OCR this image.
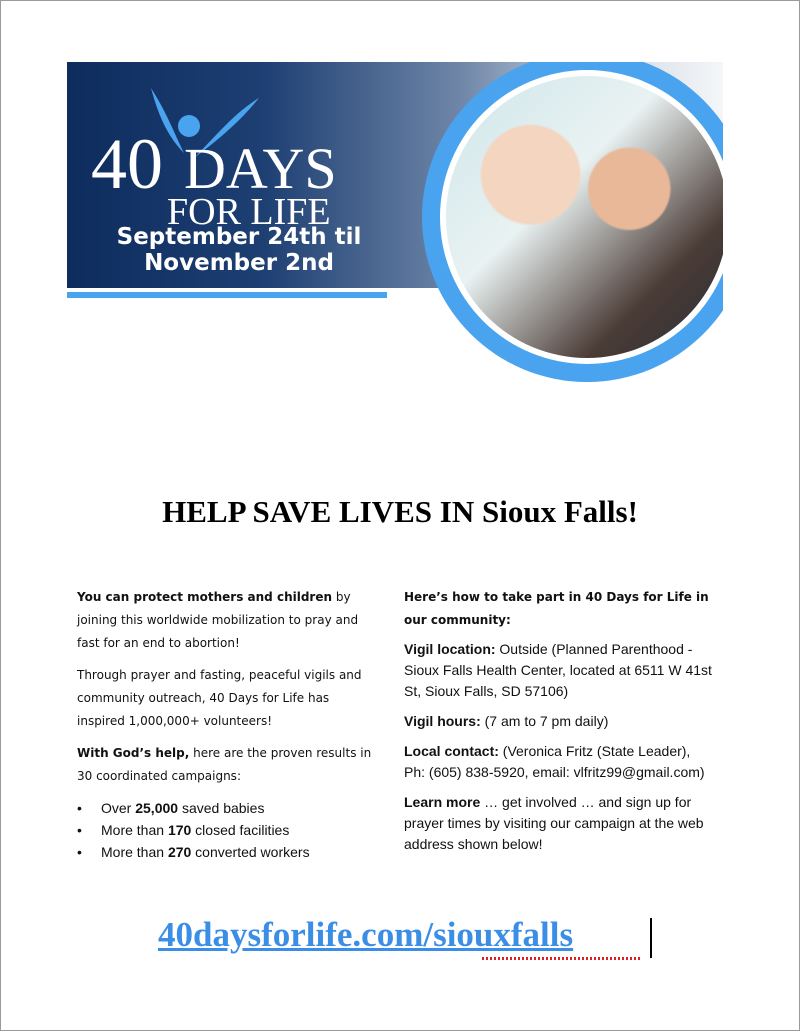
40 DAYS
FOR LIFE
September 24th til
November 2nd
HELP SAVE LIVES IN Sioux Falls!

You can protect mothers and children by joining this worldwide mobilization to pray and fast for an end to abortion!

Through prayer and fasting, peaceful vigils and community outreach, 40 Days for Life has inspired 1,000,000+ volunteers!

With God’s help, here are the proven results in 30 coordinated campaigns:

• Over 25,000 saved babies
• More than 170 closed facilities
• More than 270 converted workers

Here’s how to take part in 40 Days for Life in our community:

Vigil location: Outside (Planned Parenthood - Sioux Falls Health Center, located at 6511 W 41st St, Sioux Falls, SD 57106)

Vigil hours: (7 am to 7 pm daily)

Local contact: (Veronica Fritz (State Leader), Ph: (605) 838-5920, email: vlfritz99@gmail.com)

Learn more … get involved … and sign up for prayer times by visiting our campaign at the web address shown below!

40daysforlife.com/siouxfalls
